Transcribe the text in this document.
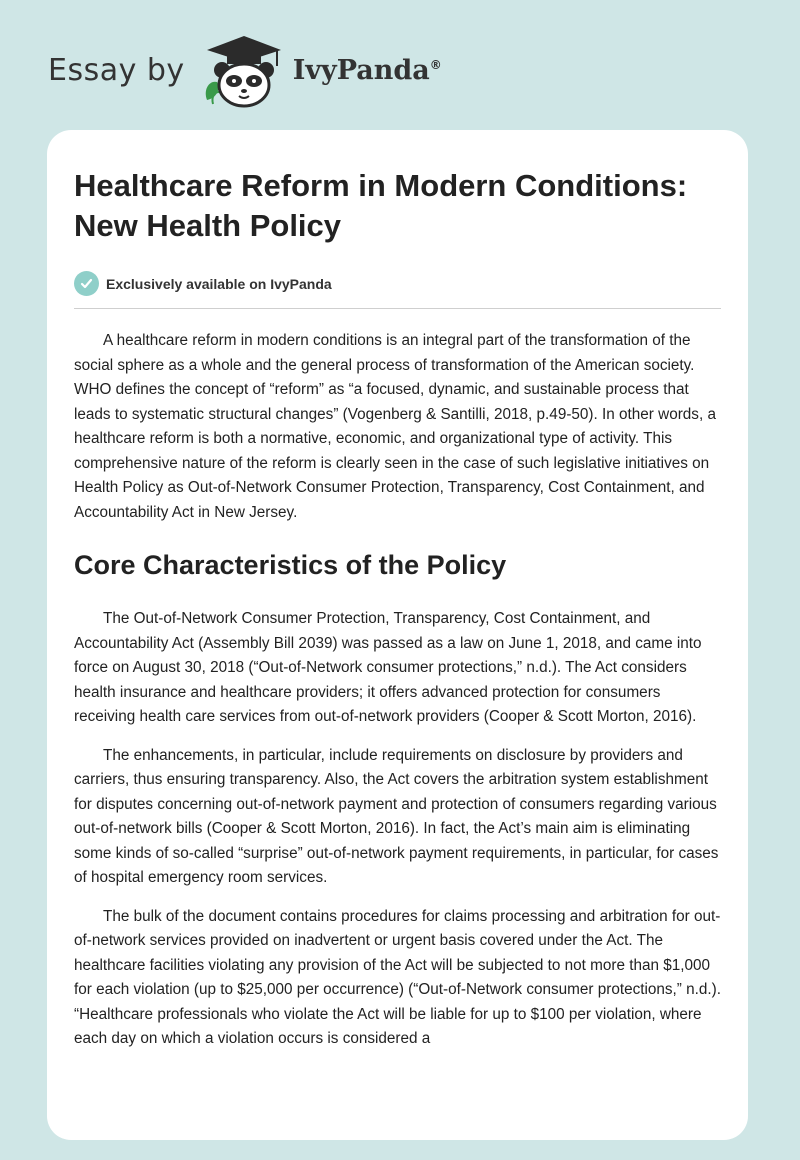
Essay by	IvyPanda®
Healthcare Reform in Modern Conditions: New Health Policy
Exclusively available on IvyPanda

A healthcare reform in modern conditions is an integral part of the transformation of the social sphere as a whole and the general process of transformation of the American society. WHO defines the concept of “reform” as “a focused, dynamic, and sustainable process that leads to systematic structural changes” (Vogenberg & Santilli, 2018, p.49-50). In other words, a healthcare reform is both a normative, economic, and organizational type of activity. This comprehensive nature of the reform is clearly seen in the case of such legislative initiatives on Health Policy as Out-of-Network Consumer Protection, Transparency, Cost Containment, and Accountability Act in New Jersey.

Core Characteristics of the Policy

The Out-of-Network Consumer Protection, Transparency, Cost Containment, and Accountability Act (Assembly Bill 2039) was passed as a law on June 1, 2018, and came into force on August 30, 2018 (“Out-of-Network consumer protections,” n.d.). The Act considers health insurance and healthcare providers; it offers advanced protection for consumers receiving health care services from out-of-network providers (Cooper & Scott Morton, 2016).

The enhancements, in particular, include requirements on disclosure by providers and carriers, thus ensuring transparency. Also, the Act covers the arbitration system establishment for disputes concerning out-of-network payment and protection of consumers regarding various out-of-network bills (Cooper & Scott Morton, 2016). In fact, the Act’s main aim is eliminating some kinds of so-called “surprise” out-of-network payment requirements, in particular, for cases of hospital emergency room services.

The bulk of the document contains procedures for claims processing and arbitration for out-of-network services provided on inadvertent or urgent basis covered under the Act. The healthcare facilities violating any provision of the Act will be subjected to not more than $1,000 for each violation (up to $25,000 per occurrence) (“Out-of-Network consumer protections,” n.d.). “Healthcare professionals who violate the Act will be liable for up to $100 per violation, where each day on which a violation occurs is considered a
